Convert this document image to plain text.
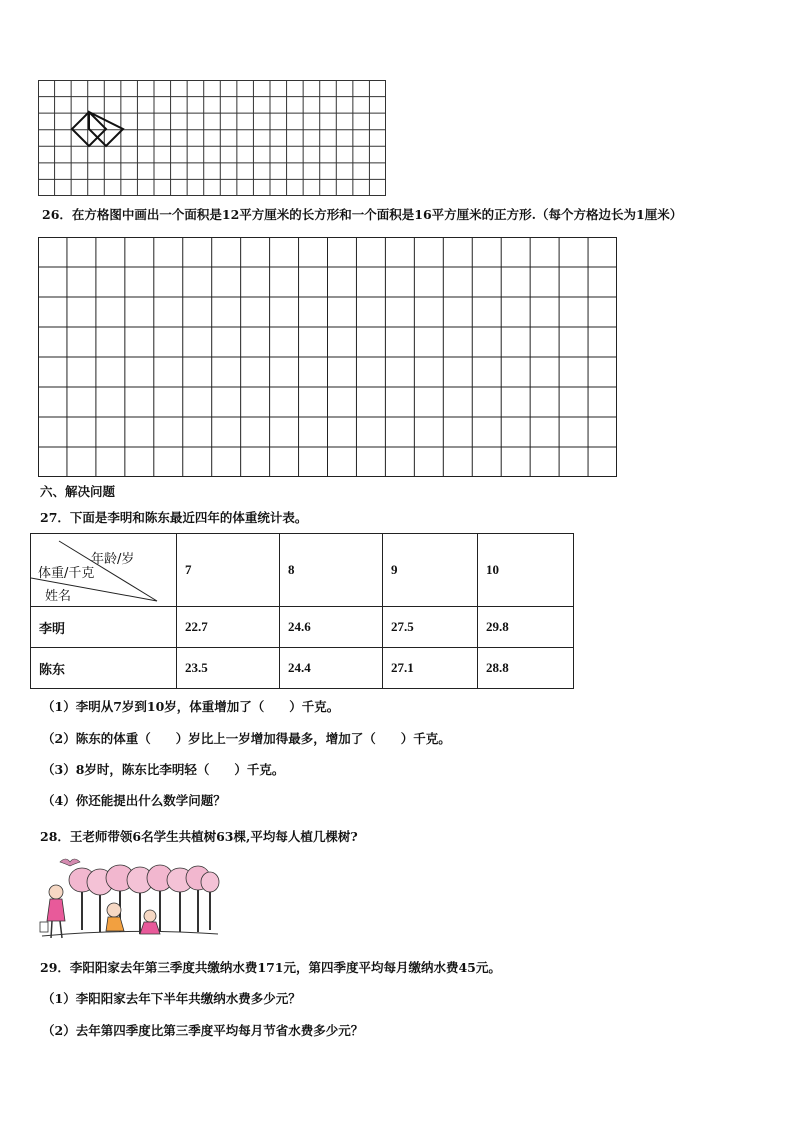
26．在方格图中画出一个面积是12平方厘米的长方形和一个面积是16平方厘米的正方形.（每个方格边长为1厘米）
六、解决问题
27．下面是李明和陈东最近四年的体重统计表。
年龄/岁
体重/千克
姓名	7	8	9	10
李明	22.7	24.6	27.5	29.8
陈东	23.5	24.4	27.1	28.8
（1）李明从7岁到10岁，体重增加了（　　）千克。
（2）陈东的体重（　　）岁比上一岁增加得最多，增加了（　　）千克。
（3）8岁时，陈东比李明轻（　　）千克。
（4）你还能提出什么数学问题？
28．王老师带领6名学生共植树63棵,平均每人植几棵树?
29．李阳阳家去年第三季度共缴纳水费171元，第四季度平均每月缴纳水费45元。
（1）李阳阳家去年下半年共缴纳水费多少元？
（2）去年第四季度比第三季度平均每月节省水费多少元？
